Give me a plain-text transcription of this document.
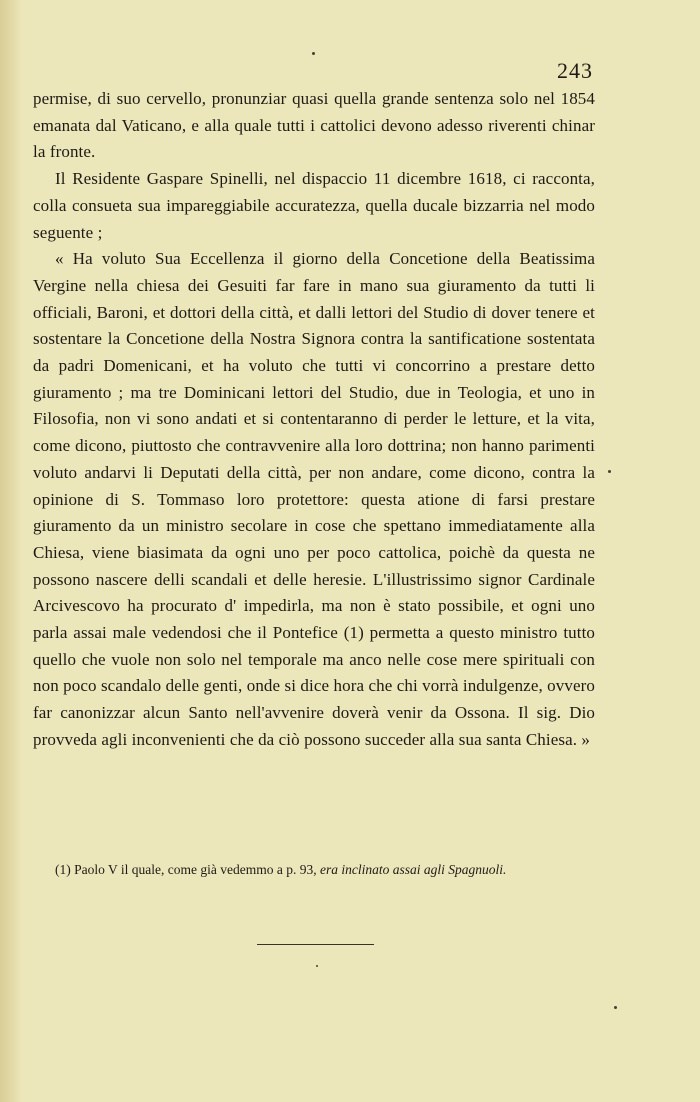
243

permise, di suo cervello, pronunziar quasi quella grande sentenza solo nel 1854 emanata dal Vaticano, e alla quale tutti i cattolici devono adesso riverenti chinar la fronte.

Il Residente Gaspare Spinelli, nel dispaccio 11 dicembre 1618, ci racconta, colla consueta sua impareggiabile accuratezza, quella ducale bizzarria nel modo seguente ;

« Ha voluto Sua Eccellenza il giorno della Concetione della Beatissima Vergine nella chiesa dei Gesuiti far fare in mano sua giuramento da tutti li officiali, Baroni, et dottori della città, et dalli lettori del Studio di dover tenere et sostentare la Concetione della Nostra Signora contra la santificatione sostentata da padri Domenicani, et ha voluto che tutti vi concorrino a prestare detto giuramento ; ma tre Dominicani lettori del Studio, due in Teologia, et uno in Filosofia, non vi sono andati et si contentaranno di perder le letture, et la vita, come dicono, piuttosto che contravvenire alla loro dottrina; non hanno parimenti voluto andarvi li Deputati della città, per non andare, come dicono, contra la opinione di S. Tommaso loro protettore: questa atione di farsi prestare giuramento da un ministro secolare in cose che spettano immediatamente alla Chiesa, viene biasimata da ogni uno per poco cattolica, poichè da questa ne possono nascere delli scandali et delle heresie. L'illustrissimo signor Cardinale Arcivescovo ha procurato d' impedirla, ma non è stato possibile, et ogni uno parla assai male vedendosi che il Pontefice (1) permetta a questo ministro tutto quello che vuole non solo nel temporale ma anco nelle cose mere spirituali con non poco scandalo delle genti, onde si dice hora che chi vorrà indulgenze, ovvero far canonizzar alcun Santo nell'avvenire doverà venir da Ossona. Il sig. Dio provveda agli inconvenienti che da ciò possono succeder alla sua santa Chiesa. »

(1) Paolo V il quale, come già vedemmo a p. 93, era inclinato assai agli Spagnuoli.
